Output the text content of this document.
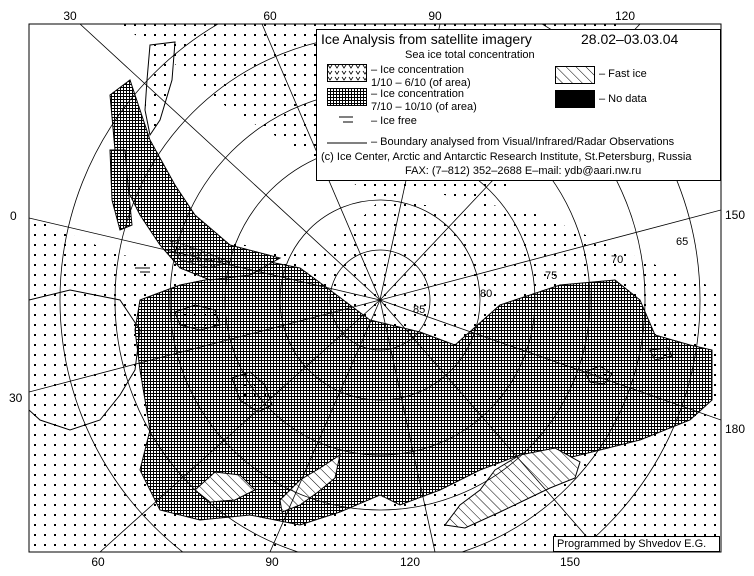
30	60	90	120
60	90	120	150
0
30
150
180
65
70
75
80
85
Ice Analysis from satellite imagery	28.02–03.03.04
Sea ice total concentration
– Ice concentration
1/10 – 6/10 (of area)
– Ice concentration
7/10 – 10/10 (of area)
– Ice free
– Fast ice
– No data
– Boundary analysed from Visual/Infrared/Radar Observations
(c) Ice Center, Arctic and Antarctic Research Institute, St.Petersburg, Russia
FAX: (7–812) 352–2688 E–mail: ydb@aari.nw.ru
Programmed by Shvedov E.G.
